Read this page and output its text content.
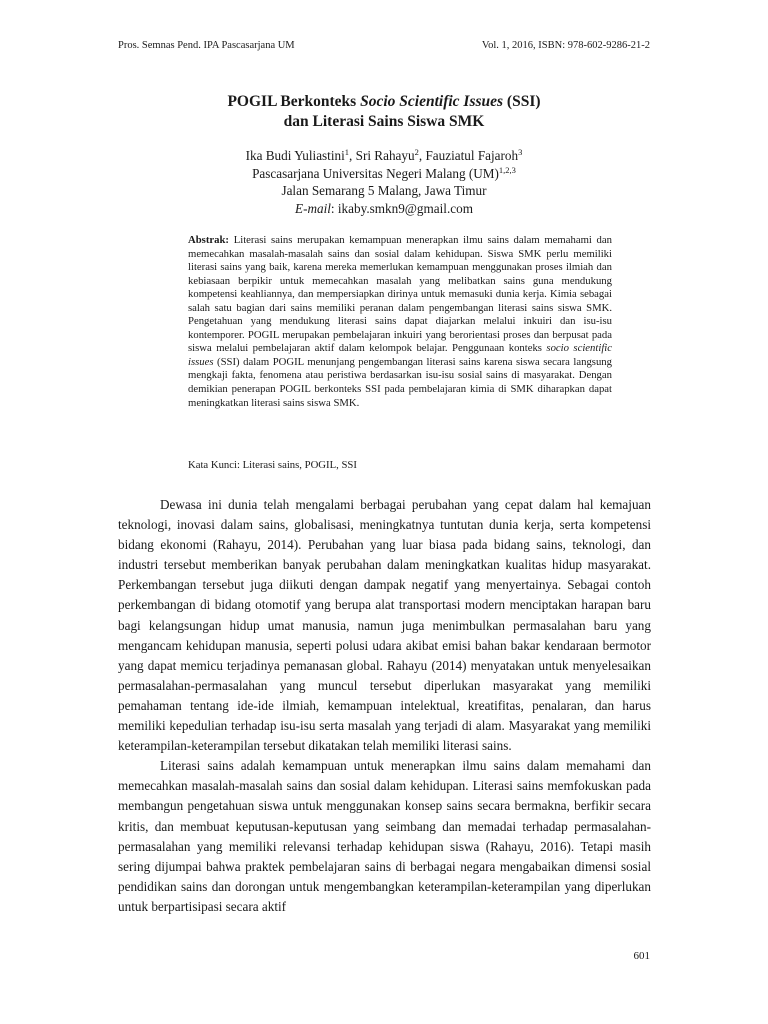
Pros. Semnas Pend. IPA Pascasarjana UM	Vol. 1, 2016, ISBN: 978-602-9286-21-2
POGIL Berkonteks Socio Scientific Issues (SSI)
dan Literasi Sains Siswa SMK
Ika Budi Yuliastini$^1$, Sri Rahayu$^2$, Fauziatul Fajaroh$^3$
Pascasarjana Universitas Negeri Malang (UM)$^{1,2,3}$
Jalan Semarang 5 Malang, Jawa Timur
E-mail: ikaby.smkn9@gmail.com
Abstrak: Literasi sains merupakan kemampuan menerapkan ilmu sains dalam memahami dan memecahkan masalah-masalah sains dan sosial dalam kehidupan. Siswa SMK perlu memiliki literasi sains yang baik, karena mereka memerlukan kemampuan menggunakan proses ilmiah dan kebiasaan berpikir untuk memecahkan masalah yang melibatkan sains guna mendukung kompetensi keahliannya, dan mempersiapkan dirinya untuk memasuki dunia kerja. Kimia sebagai salah satu bagian dari sains memiliki peranan dalam pengembangan literasi sains siswa SMK. Pengetahuan yang mendukung literasi sains dapat diajarkan melalui inkuiri dan isu-isu kontemporer. POGIL merupakan pembelajaran inkuiri yang berorientasi proses dan berpusat pada siswa melalui pembelajaran aktif dalam kelompok belajar. Penggunaan konteks socio scientific issues (SSI) dalam POGIL menunjang pengembangan literasi sains karena siswa secara langsung mengkaji fakta, fenomena atau peristiwa berdasarkan isu-isu sosial sains di masyarakat. Dengan demikian penerapan POGIL berkonteks SSI pada pembelajaran kimia di SMK diharapkan dapat meningkatkan literasi sains siswa SMK.
Kata Kunci: Literasi sains, POGIL, SSI

Dewasa ini dunia telah mengalami berbagai perubahan yang cepat dalam hal kemajuan teknologi, inovasi dalam sains, globalisasi, meningkatnya tuntutan dunia kerja, serta kompetensi bidang ekonomi (Rahayu, 2014). Perubahan yang luar biasa pada bidang sains, teknologi, dan industri tersebut memberikan banyak perubahan dalam meningkatkan kualitas hidup masyarakat. Perkembangan tersebut juga diikuti dengan dampak negatif yang menyertainya. Sebagai contoh perkembangan di bidang otomotif yang berupa alat transportasi modern menciptakan harapan baru bagi kelangsungan hidup umat manusia, namun juga menimbulkan permasalahan baru yang mengancam kehidupan manusia, seperti polusi udara akibat emisi bahan bakar kendaraan bermotor yang dapat memicu terjadinya pemanasan global. Rahayu (2014) menyatakan untuk menyelesaikan permasalahan-permasalahan yang muncul tersebut diperlukan masyarakat yang memiliki pemahaman tentang ide-ide ilmiah, kemampuan intelektual, kreatifitas, penalaran, dan harus memiliki kepedulian terhadap isu-isu serta masalah yang terjadi di alam. Masyarakat yang memiliki keterampilan-keterampilan tersebut dikatakan telah memiliki literasi sains.

Literasi sains adalah kemampuan untuk menerapkan ilmu sains dalam memahami dan memecahkan masalah-masalah sains dan sosial dalam kehidupan. Literasi sains memfokuskan pada membangun pengetahuan siswa untuk menggunakan konsep sains secara bermakna, berfikir secara kritis, dan membuat keputusan-keputusan yang seimbang dan memadai terhadap permasalahan-permasalahan yang memiliki relevansi terhadap kehidupan siswa (Rahayu, 2016). Tetapi masih sering dijumpai bahwa praktek pembelajaran sains di berbagai negara mengabaikan dimensi sosial pendidikan sains dan dorongan untuk mengembangkan keterampilan-keterampilan yang diperlukan untuk berpartisipasi secara aktif

601
